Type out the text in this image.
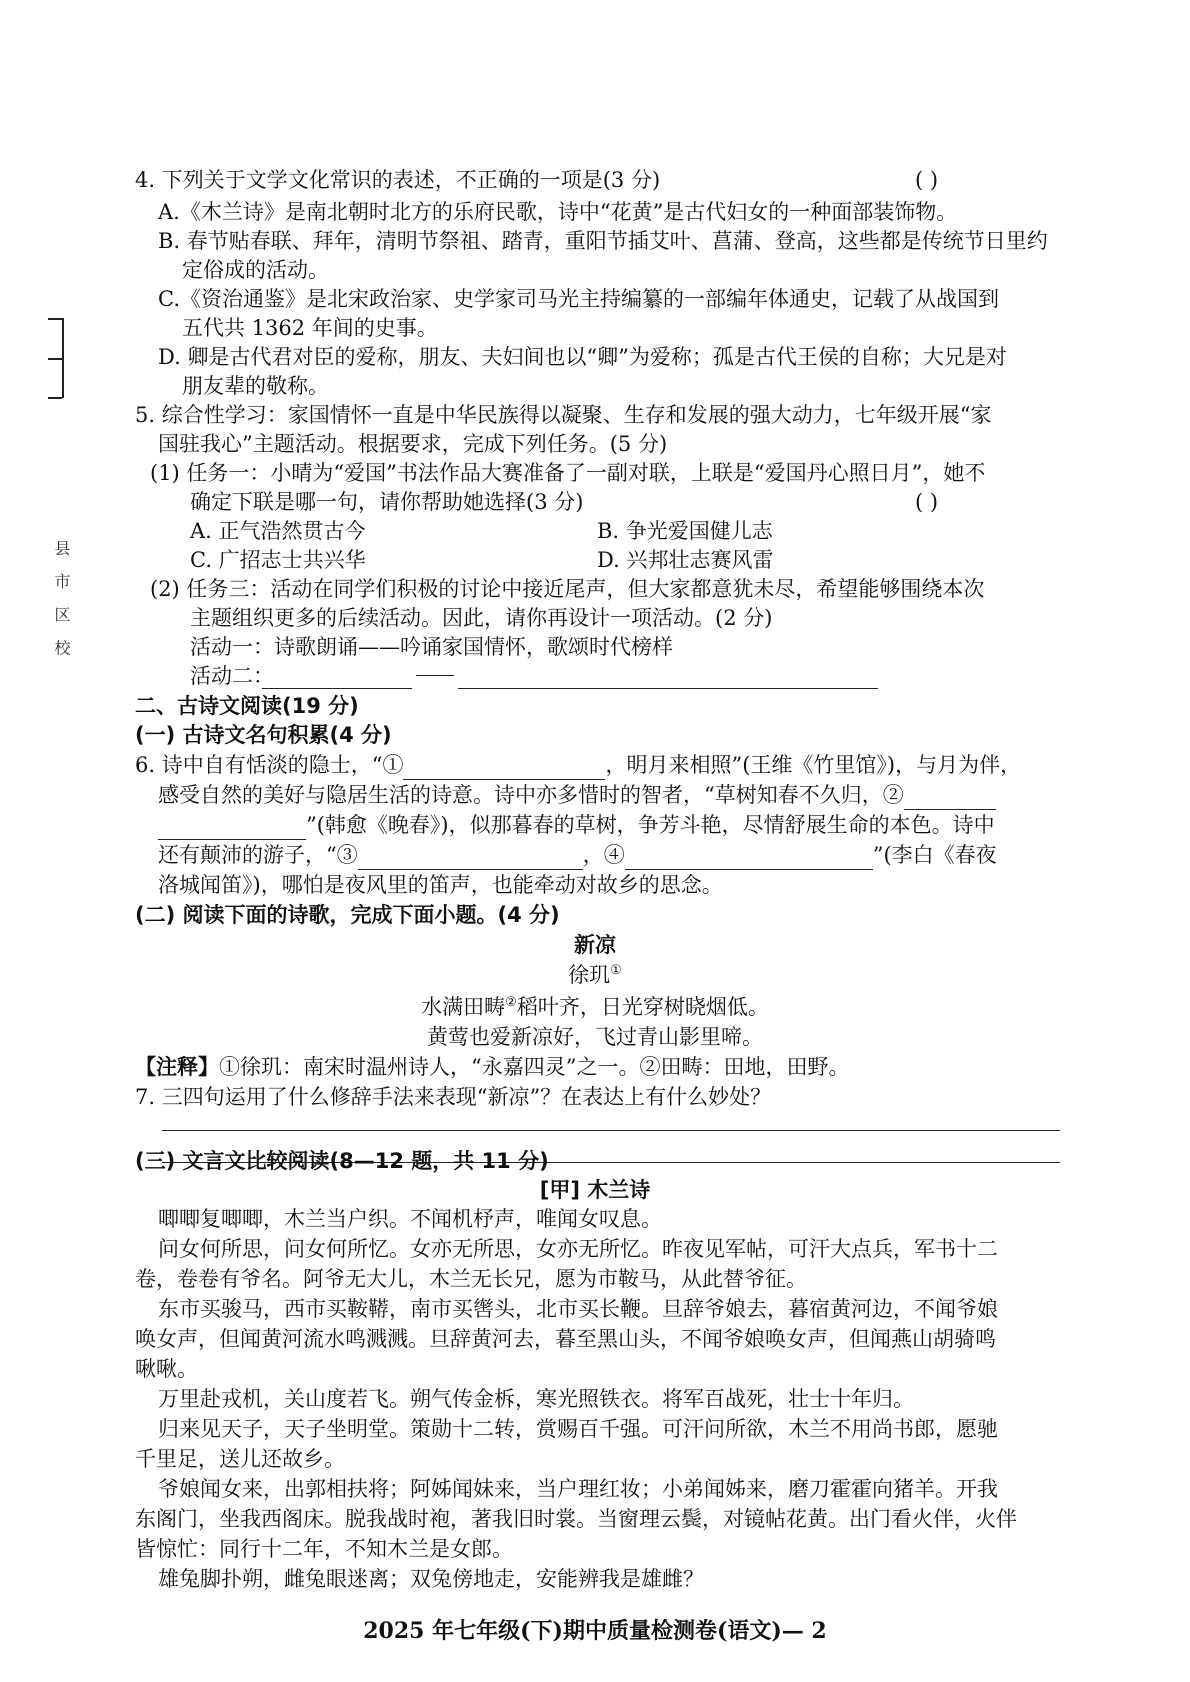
县 市 区 校
4. 下列关于文学文化常识的表述，不正确的一项是(3 分)	( )
A.《木兰诗》是南北朝时北方的乐府民歌，诗中“花黄”是古代妇女的一种面部装饰物。
B. 春节贴春联、拜年，清明节祭祖、踏青，重阳节插艾叶、菖蒲、登高，这些都是传统节日里约
定俗成的活动。
C.《资治通鉴》是北宋政治家、史学家司马光主持编纂的一部编年体通史，记载了从战国到
五代共 1362 年间的史事。
D. 卿是古代君对臣的爱称，朋友、夫妇间也以“卿”为爱称；孤是古代王侯的自称；大兄是对
朋友辈的敬称。
5. 综合性学习：家国情怀一直是中华民族得以凝聚、生存和发展的强大动力，七年级开展“家
国驻我心”主题活动。根据要求，完成下列任务。(5 分)
(1) 任务一：小晴为“爱国”书法作品大赛准备了一副对联，上联是“爱国丹心照日月”，她不
确定下联是哪一句，请你帮助她选择(3 分)	( )
A. 正气浩然贯古今	B. 争光爱国健儿志
C. 广招志士共兴华	D. 兴邦壮志赛风雷
(2) 任务三：活动在同学们积极的讨论中接近尾声，但大家都意犹未尽，希望能够围绕本次
主题组织更多的后续活动。因此，请你再设计一项活动。(2 分)
活动一：诗歌朗诵——吟诵家国情怀，歌颂时代榜样
活动二：
二、古诗文阅读(19 分)
(一) 古诗文名句积累(4 分)
6. 诗中自有恬淡的隐士，“①	，明月来相照”(王维《竹里馆》)，与月为伴，
感受自然的美好与隐居生活的诗意。诗中亦多惜时的智者，“草树知春不久归，②
”(韩愈《晚春》)，似那暮春的草树，争芳斗艳，尽情舒展生命的本色。诗中
还有颠沛的游子，“③	，④	”(李白《春夜
洛城闻笛》)，哪怕是夜风里的笛声，也能牵动对故乡的思念。
(二) 阅读下面的诗歌，完成下面小题。(4 分)
新凉
徐玑①
水满田畴②稻叶齐，日光穿树晓烟低。
黄莺也爱新凉好，飞过青山影里啼。
【注释】①徐玑：南宋时温州诗人，“永嘉四灵”之一。②田畴：田地，田野。
7. 三四句运用了什么修辞手法来表现“新凉”？在表达上有什么妙处？
(三) 文言文比较阅读(8—12 题，共 11 分)
[甲] 木兰诗
唧唧复唧唧，木兰当户织。不闻机杼声，唯闻女叹息。
问女何所思，问女何所忆。女亦无所思，女亦无所忆。昨夜见军帖，可汗大点兵，军书十二
卷，卷卷有爷名。阿爷无大儿，木兰无长兄，愿为市鞍马，从此替爷征。
东市买骏马，西市买鞍鞯，南市买辔头，北市买长鞭。旦辞爷娘去，暮宿黄河边，不闻爷娘
唤女声，但闻黄河流水鸣溅溅。旦辞黄河去，暮至黑山头，不闻爷娘唤女声，但闻燕山胡骑鸣
啾啾。
万里赴戎机，关山度若飞。朔气传金柝，寒光照铁衣。将军百战死，壮士十年归。
归来见天子，天子坐明堂。策勋十二转，赏赐百千强。可汗问所欲，木兰不用尚书郎，愿驰
千里足，送儿还故乡。
爷娘闻女来，出郭相扶将；阿姊闻妹来，当户理红妆；小弟闻姊来，磨刀霍霍向猪羊。开我
东阁门，坐我西阁床。脱我战时袍，著我旧时裳。当窗理云鬓，对镜帖花黄。出门看火伴，火伴
皆惊忙：同行十二年，不知木兰是女郎。
雄兔脚扑朔，雌兔眼迷离；双兔傍地走，安能辨我是雄雌？
2025 年七年级(下)期中质量检测卷(语文)— 2
